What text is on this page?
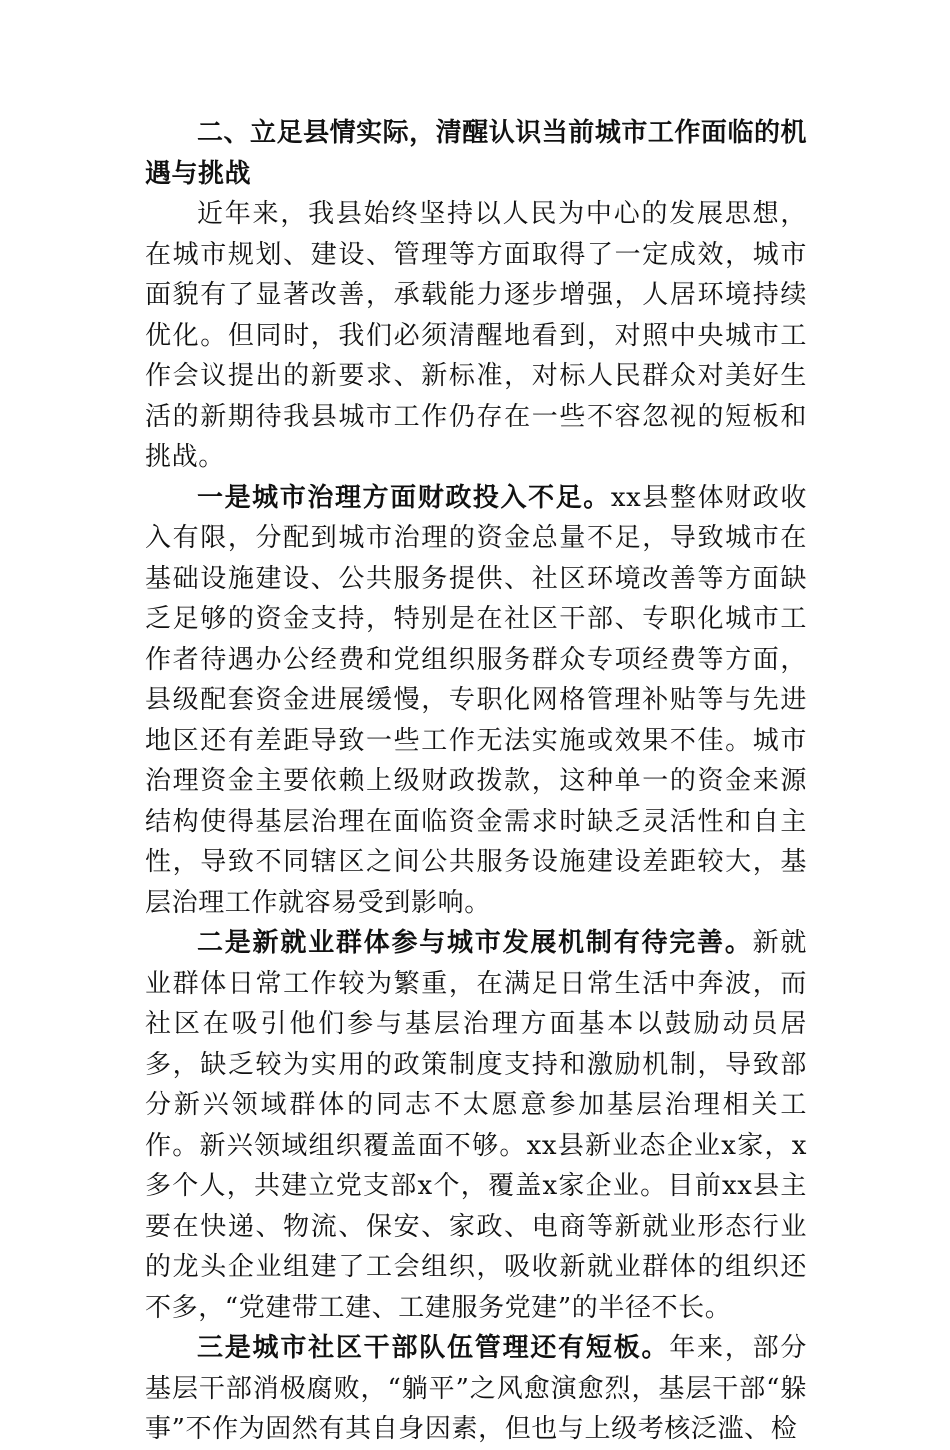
二、立足县情实际，清醒认识当前城市工作面临的机遇与挑战

近年来，我县始终坚持以人民为中心的发展思想，在城市规划、建设、管理等方面取得了一定成效，城市面貌有了显著改善，承载能力逐步增强，人居环境持续优化。但同时，我们必须清醒地看到，对照中央城市工作会议提出的新要求、新标准，对标人民群众对美好生活的新期待我县城市工作仍存在一些不容忽视的短板和挑战。

一是城市治理方面财政投入不足。xx县整体财政收入有限，分配到城市治理的资金总量不足，导致城市在基础设施建设、公共服务提供、社区环境改善等方面缺乏足够的资金支持，特别是在社区干部、专职化城市工作者待遇办公经费和党组织服务群众专项经费等方面，县级配套资金进展缓慢，专职化网格管理补贴等与先进地区还有差距导致一些工作无法实施或效果不佳。城市治理资金主要依赖上级财政拨款，这种单一的资金来源结构使得基层治理在面临资金需求时缺乏灵活性和自主性，导致不同辖区之间公共服务设施建设差距较大，基层治理工作就容易受到影响。

二是新就业群体参与城市发展机制有待完善。新就业群体日常工作较为繁重，在满足日常生活中奔波，而社区在吸引他们参与基层治理方面基本以鼓励动员居多，缺乏较为实用的政策制度支持和激励机制，导致部分新兴领域群体的同志不太愿意参加基层治理相关工作。新兴领域组织覆盖面不够。xx县新业态企业x家，x多个人，共建立党支部x个，覆盖x家企业。目前xx县主要在快递、物流、保安、家政、电商等新就业形态行业的龙头企业组建了工会组织，吸收新就业群体的组织还不多，“党建带工建、工建服务党建”的半径不长。

三是城市社区干部队伍管理还有短板。年来，部分基层干部消极腐败，“躺平”之风愈演愈烈，基层干部“躲事”不作为固然有其自身因素，但也与上级考核泛滥、检
